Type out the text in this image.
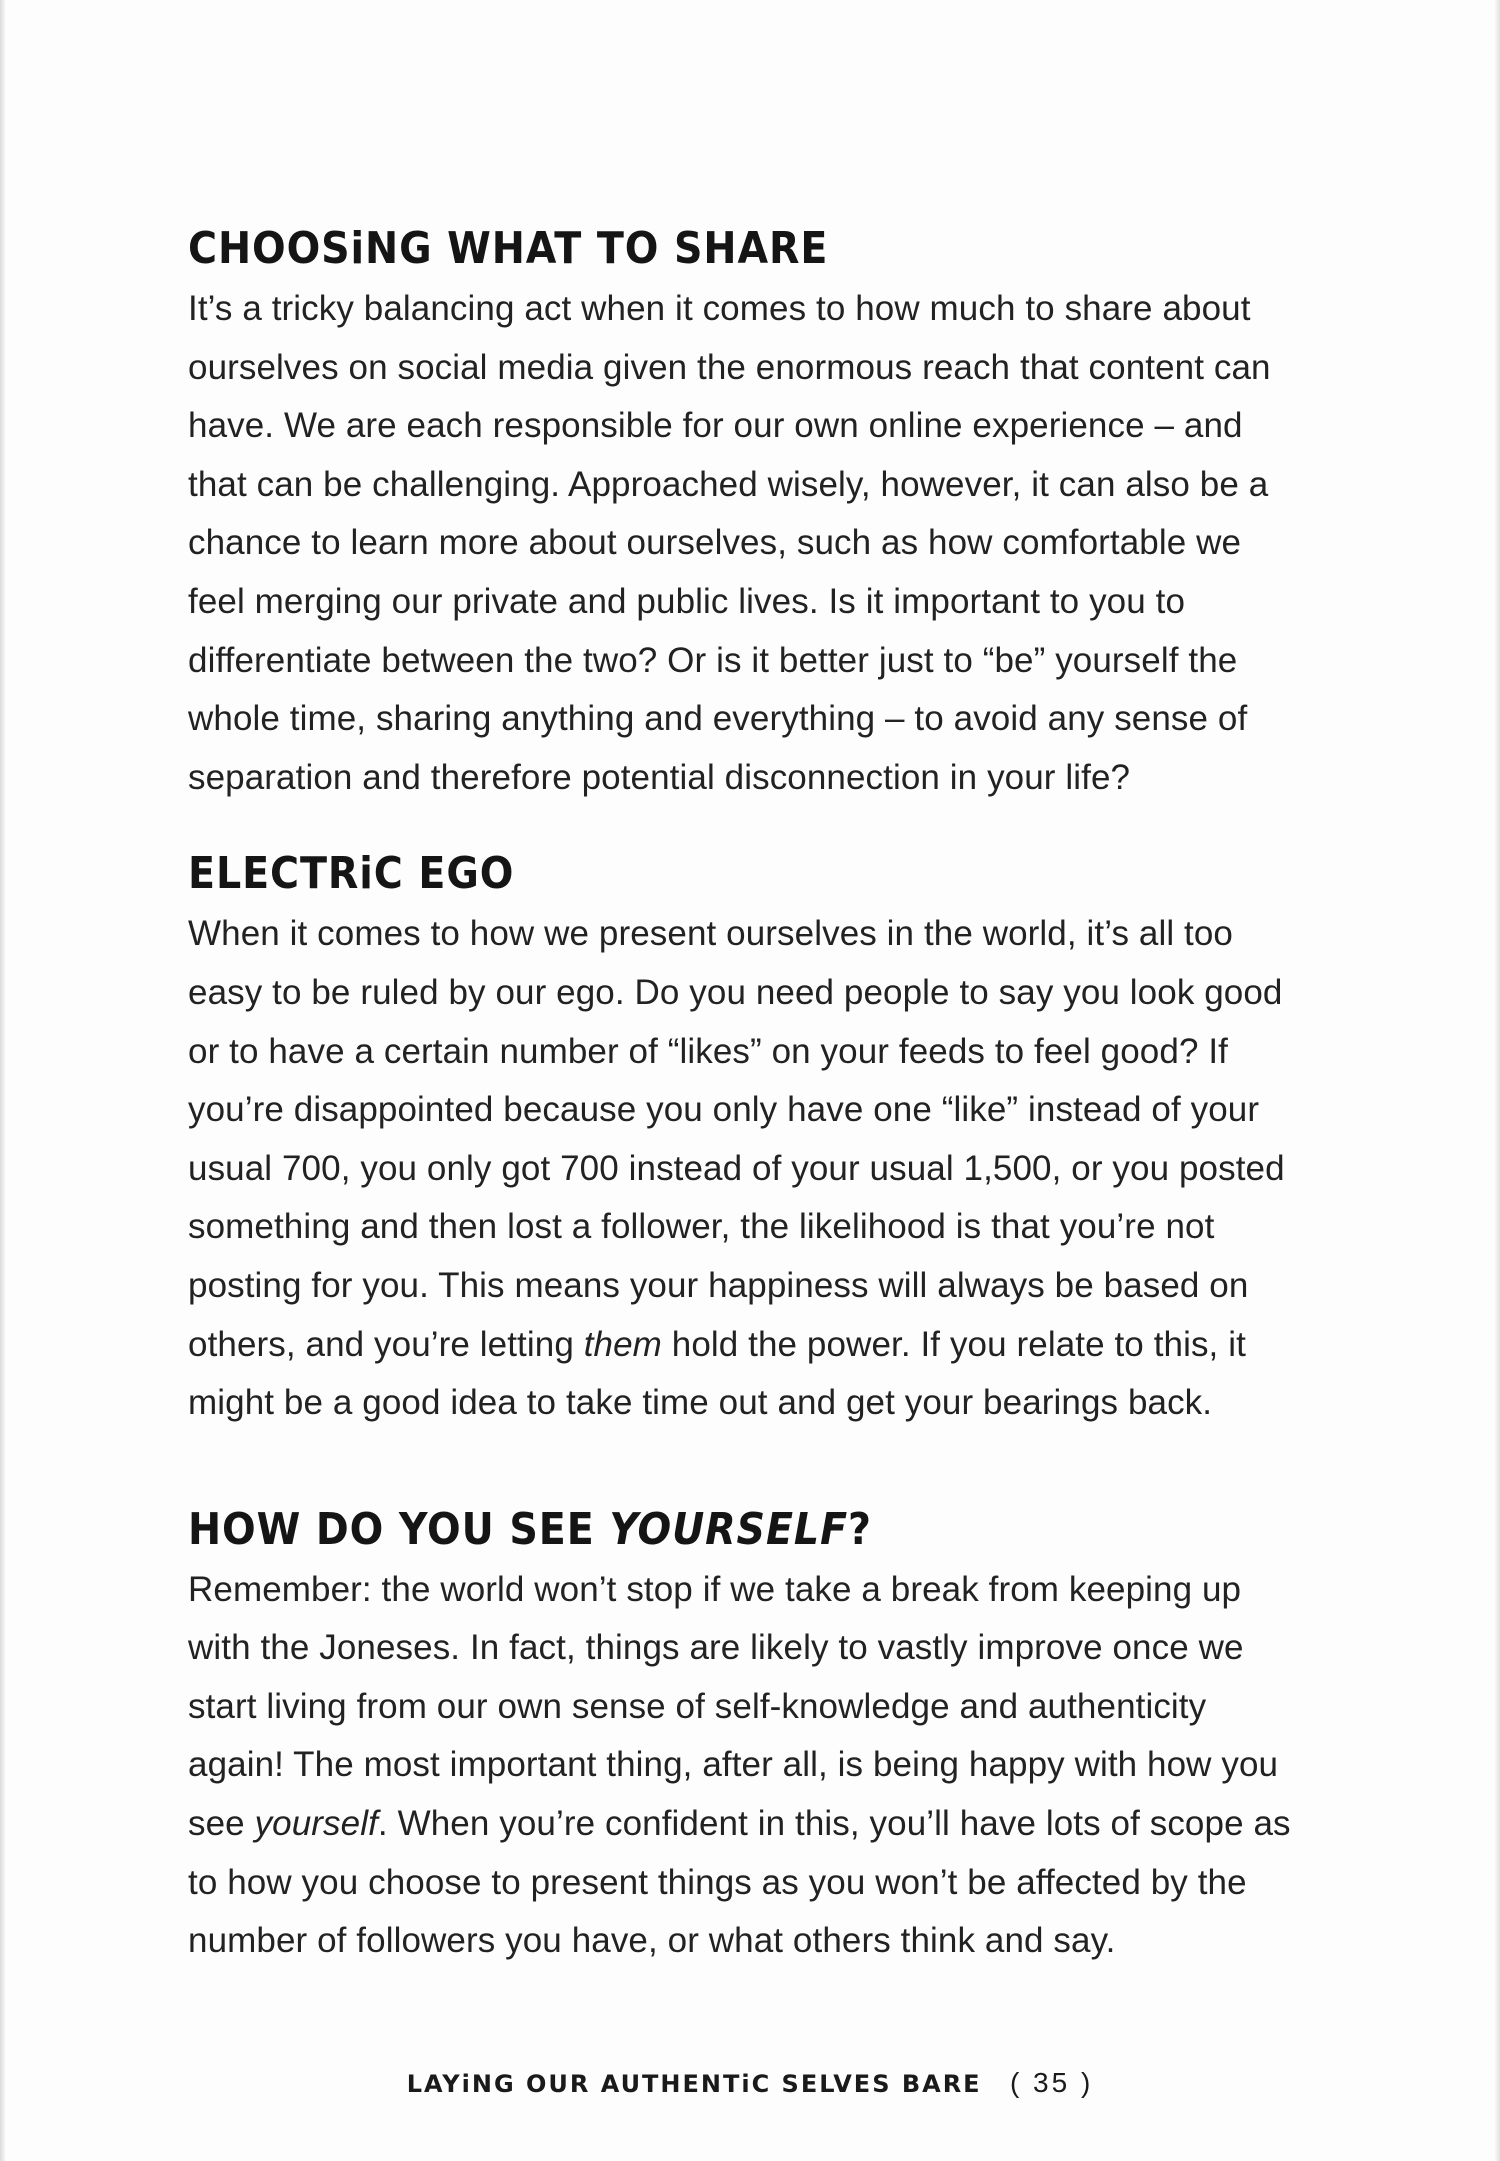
CHOOSiNG WHAT TO SHARE

It’s a tricky balancing act when it comes to how much to share about ourselves on social media given the enormous reach that content can have. We are each responsible for our own online experience – and that can be challenging. Approached wisely, however, it can also be a chance to learn more about ourselves, such as how comfortable we feel merging our private and public lives. Is it important to you to differentiate between the two? Or is it better just to “be” yourself the whole time, sharing anything and everything – to avoid any sense of separation and therefore potential disconnection in your life?

ELECTRiC EGO

When it comes to how we present ourselves in the world, it’s all too easy to be ruled by our ego. Do you need people to say you look good or to have a certain number of “likes” on your feeds to feel good? If you’re disappointed because you only have one “like” instead of your usual 700, you only got 700 instead of your usual 1,500, or you posted something and then lost a follower, the likelihood is that you’re not posting for you. This means your happiness will always be based on others, and you’re letting them hold the power. If you relate to this, it might be a good idea to take time out and get your bearings back.

HOW DO YOU SEE YOURSELF?

Remember: the world won’t stop if we take a break from keeping up with the Joneses. In fact, things are likely to vastly improve once we start living from our own sense of self-knowledge and authenticity again! The most important thing, after all, is being happy with how you see yourself. When you’re confident in this, you’ll have lots of scope as to how you choose to present things as you won’t be affected by the number of followers you have, or what others think and say.

LAYiNG OUR AUTHENTiC SELVES BARE ( 35 )
